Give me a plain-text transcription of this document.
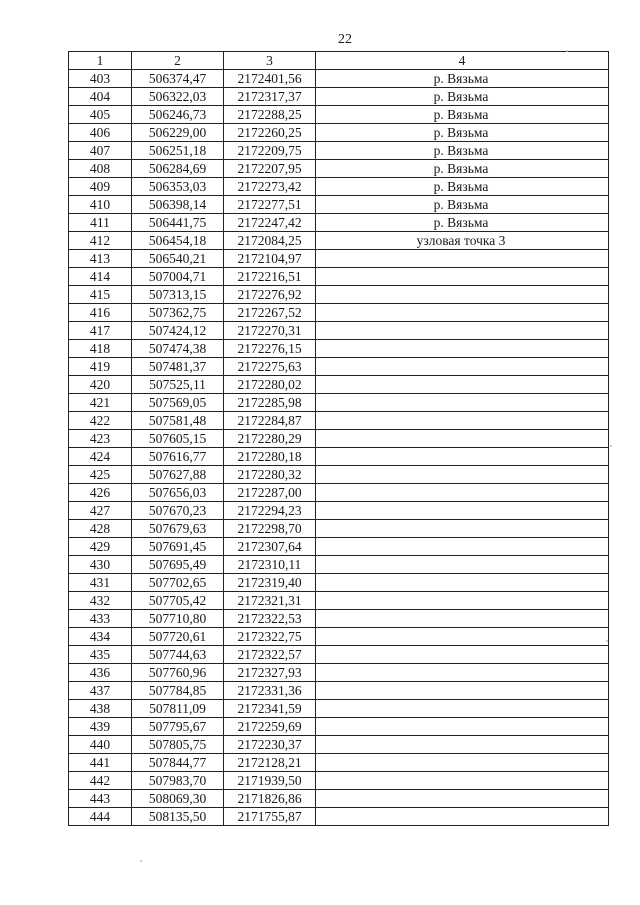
22
1	2	3	4
403	506374,47	2172401,56	р. Вязьма
404	506322,03	2172317,37	р. Вязьма
405	506246,73	2172288,25	р. Вязьма
406	506229,00	2172260,25	р. Вязьма
407	506251,18	2172209,75	р. Вязьма
408	506284,69	2172207,95	р. Вязьма
409	506353,03	2172273,42	р. Вязьма
410	506398,14	2172277,51	р. Вязьма
411	506441,75	2172247,42	р. Вязьма
412	506454,18	2172084,25	узловая точка 3
413	506540,21	2172104,97	
414	507004,71	2172216,51	
415	507313,15	2172276,92	
416	507362,75	2172267,52	
417	507424,12	2172270,31	
418	507474,38	2172276,15	
419	507481,37	2172275,63	
420	507525,11	2172280,02	
421	507569,05	2172285,98	
422	507581,48	2172284,87	
423	507605,15	2172280,29	
424	507616,77	2172280,18	
425	507627,88	2172280,32	
426	507656,03	2172287,00	
427	507670,23	2172294,23	
428	507679,63	2172298,70	
429	507691,45	2172307,64	
430	507695,49	2172310,11	
431	507702,65	2172319,40	
432	507705,42	2172321,31	
433	507710,80	2172322,53	
434	507720,61	2172322,75	
435	507744,63	2172322,57	
436	507760,96	2172327,93	
437	507784,85	2172331,36	
438	507811,09	2172341,59	
439	507795,67	2172259,69	
440	507805,75	2172230,37	
441	507844,77	2172128,21	
442	507983,70	2171939,50	
443	508069,30	2171826,86	
444	508135,50	2171755,87	
